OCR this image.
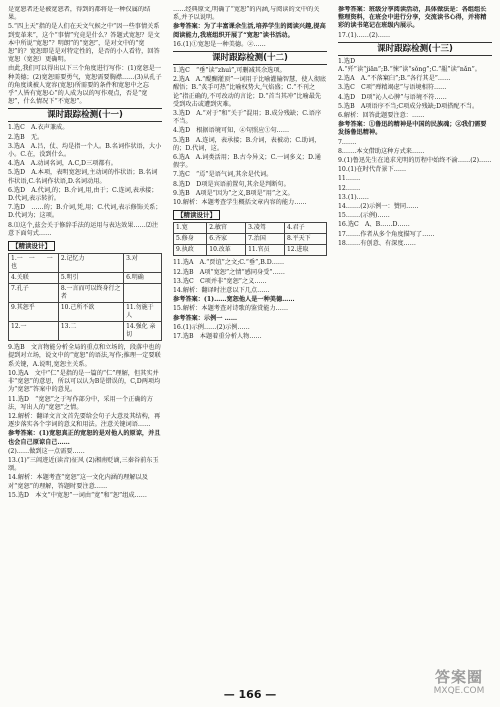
是宽恕者还是被宽恕者，得到的都将是一种仅属的结果。

5.“四上天”指的是人们在天文气候之中“因一些事情关系到变革来”，这个“事情”究竟是什么？答题式宽恕？是文本中所说“宽恕”？明朗”的“宽恕”，是对文中的“宽恕”的？宽恕即是是对特定性的，是否的小人看待，回答宽恕（宽恕）更确明。

由此,我们可以得出以下三个角度进行写作：(1)宽恕是一种美德；(2)宽恕需要勇气，宽恕需要胸襟……(3)从孔子的角度谈被人宽容(宽恕)所需要的条件和宽恕中之忘乎“人皆有宽恕心”的人成为以的写作观点，否是“宽恕”，什么情况下“不宽恕”。

课时跟踪检测(十一)

1.选C　A.衣声兼成。

2.选B　无。

3.选A　A.吕，仗、均是指一个人。B.名词作状语，大小小。C.在，没到什么。

4.选A　A.动词名词，A.C,D三项都有。

5.选D　A.本项，表明宽恕词,主动词的作状语；B.名词作状语,C.名词作状语,D.名词动用。

6.选D　A.代词,的；B.介词,用,由于；C.连词,表承接；D.代词,表示转折。

7.选D　……的；B.介词,凭,用；C.代词,表示修饰关系；D.代词为；这项。

8.⑴这个,兹会关于修辞手法的运用与表达效果……⑵注意下面句式……

【精读设计】
1.一　一　　一也	2.记忆力	3.对
4.关联	5.明引	6.明确
7.孔子	8.一言而可以终身行之者	
9.其恕乎	10.己所不欲	11.勿施于人
12.一	13.二	14.强化 亲切

9.选B　文言物能分析全局的重点和立场的，段落中也的提到对立场，说文中的“宽恕”的语法,写作;推理一定要联系关键，A.说明,宽恕主关系。

10.选A　文中“仁”是指的是一篇的“仁”理解，但其实并非“宽恕”的意思，所以可以认为B是错误的，C,D两项均为“宽恕”答案中的意见。

11.选D　“宽恕”之于写作部分中，采用一个正确的方法，写出人的“宽恕”之情。

12.解析：翻译文言文首先要给会句子大意及其结构，再逐步落实各个字词的意义和用法。注意关键词语……

参考答案：(1)宽恕真正的宽恕的是对他人的原谅，并且也会自己原谅自己……

(2)……做到这一点需要……

13.(1)“三闾迹近(读音)征风 (2)湘南贬谪,三秦谷前东玉颂。

14.解析：本题考查“宽恕”这一文化内涵的理解以及对“宽恕”的理解，答题时要注意……

15.选D　本文“中宽恕”一词由“宽”和“恕”组成……

……经典原文,明确了“宽恕”的内涵,与阅读的文中的关系,并予以说明。

参考答案：为了丰富课余生活,培养学生的阅读兴趣,提高阅读能力,我班组织开展了“宽恕”读书活动。

16.(1)①宽恕是一种美德。②……

课时跟踪检测(十二)

1.选C　“垂”读“zhuì”,可删减其余选项。

2.选A　A.“醍醐灌顶”一词用于比喻灌输智慧，使人彻底醒悟；B.“炙手可热”比喻权势大,气焰盛；C.“不刊之论”指正确的,不可改动的言论；D.“首当其冲”比喻最先受到攻击或遭到灾难。

3.选D　A.“对于”和“关于”混用；B.成分残缺；C.语序不当。

4.选D　根据语境可知，④句照应①句……

5.选B　A.连词，表承接；B.介词，表被动；C.助词，的；D.代词，这。

6.选A　A.词类活用；B.古今异义；C.一词多义；D.通假字。

7.选C　“焉”是语气词,其余是代词。

8.选D　D项是宾语前置句,其余是判断句。

9.选B　A项是“因为”之义,B项是“用”之义。

10.解析：本题考查学生概括文章内容的能力……

【精读设计】
1.宽	2.敏官	3.凌驾	4.君子
5.修身	6.齐家	7.治国	8.平天下
9.执政	10.改革	11.官员	12.进取

11.选A　A.“贾谊”之文;C.“垂”,B.D……

12.选B　A项“宽恕”之情“感同身受”……

13.选C　C项并非“宽恕”之义……

14.解析：翻译时注意以下几点……

参考答案：(1)……宽恕他人是一种美德……

15.解析：本题考查对诗歌的鉴赏能力……

参考答案：示例一 ……

16.(1)示例……(2)示例……

17.选B　本题着重分析人物……

参考答案：班级分享阅读活动，具体做法是：各组组长整理资料，在班会中进行分享，交流读书心得，并将精彩的读书笔记在班级内展示。

17.(1)……(2)……

课时跟踪检测(十三)

1.选D　A.“歼”读“jiān”;B.“悚”读“sǒng”;C.“赧”读“nǎn”。

2.选A　A.“不落窠臼”;B.“各行其是”……

3.选C　C项“殚精竭虑”与语境相符……

4.选D　D项“沁人心脾”与语境不符……

5.选B　A项语序不当;C项成分残缺;D项搭配不当。

6.解析：回答此题要注意：……

参考答案：①鲁迅的精神是中国的民族魂；②我们需要发扬鲁迅精神。

7.……

8.……本文借助这种方式来……

9.(1)鲁迅先生在追求光明的历程中始终不渝……(2)……

10.(1)在时代背景下……

11.……

12.……

13.(1)……

14.……(2)示例一：赞同……

15.……(示例)……

16.选C　A、B……D……

17.……作者从多个角度描写了……

18.……有创意、有深度……

— 166 —
答案圈
MXQE.COM
